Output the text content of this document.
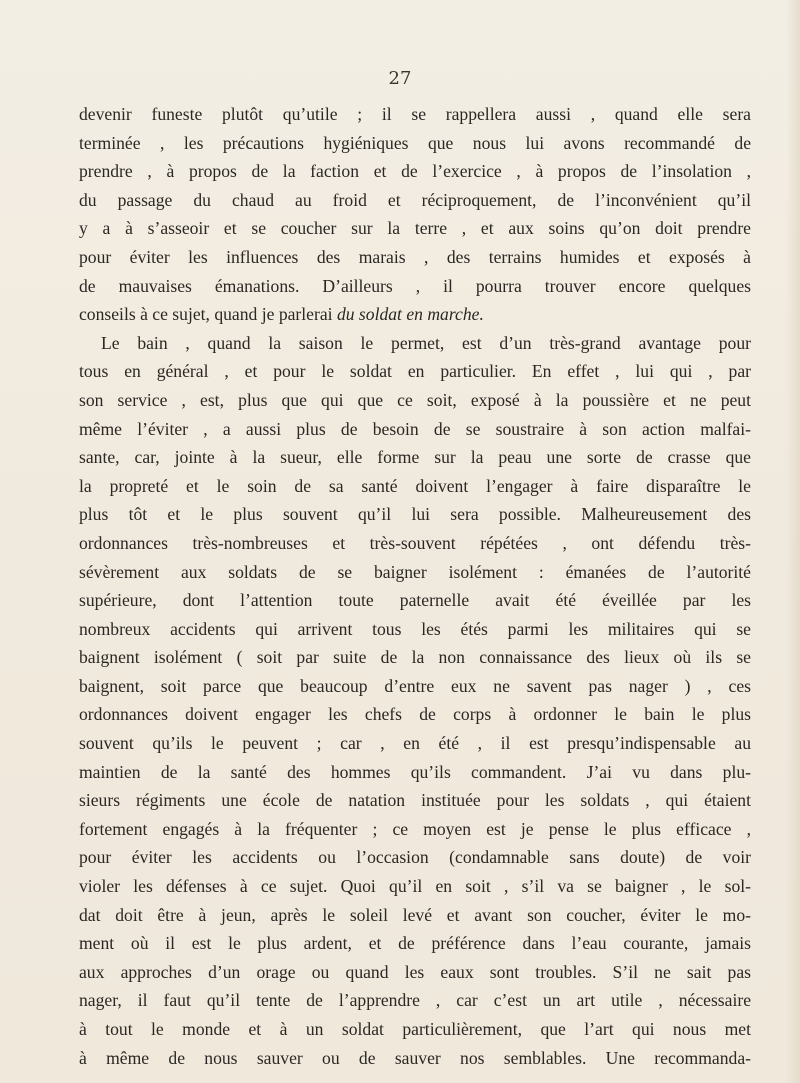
27
devenir funeste plutôt qu’utile ; il se rappellera aussi , quand elle sera
terminée , les précautions hygiéniques que nous lui avons recommandé de
prendre , à propos de la faction et de l’exercice , à propos de l’insolation ,
du passage du chaud au froid et réciproquement, de l’inconvénient qu’il
y a à s’asseoir et se coucher sur la terre , et aux soins qu’on doit prendre
pour éviter les influences des marais , des terrains humides et exposés à
de mauvaises émanations. D’ailleurs , il pourra trouver encore quelques
conseils à ce sujet, quand je parlerai du soldat en marche.
Le bain , quand la saison le permet, est d’un très-grand avantage pour
tous en général , et pour le soldat en particulier. En effet , lui qui , par
son service , est, plus que qui que ce soit, exposé à la poussière et ne peut
même l’éviter , a aussi plus de besoin de se soustraire à son action malfai-
sante, car, jointe à la sueur, elle forme sur la peau une sorte de crasse que
la propreté et le soin de sa santé doivent l’engager à faire disparaître le
plus tôt et le plus souvent qu’il lui sera possible. Malheureusement des
ordonnances très-nombreuses et très-souvent répétées , ont défendu très-
sévèrement aux soldats de se baigner isolément : émanées de l’autorité
supérieure, dont l’attention toute paternelle avait été éveillée par les
nombreux accidents qui arrivent tous les étés parmi les militaires qui se
baignent isolément ( soit par suite de la non connaissance des lieux où ils se
baignent, soit parce que beaucoup d’entre eux ne savent pas nager ) , ces
ordonnances doivent engager les chefs de corps à ordonner le bain le plus
souvent qu’ils le peuvent ; car , en été , il est presqu’indispensable au
maintien de la santé des hommes qu’ils commandent. J’ai vu dans plu-
sieurs régiments une école de natation instituée pour les soldats , qui étaient
fortement engagés à la fréquenter ; ce moyen est je pense le plus efficace ,
pour éviter les accidents ou l’occasion (condamnable sans doute) de voir
violer les défenses à ce sujet. Quoi qu’il en soit , s’il va se baigner , le sol-
dat doit être à jeun, après le soleil levé et avant son coucher, éviter le mo-
ment où il est le plus ardent, et de préférence dans l’eau courante, jamais
aux approches d’un orage ou quand les eaux sont troubles. S’il ne sait pas
nager, il faut qu’il tente de l’apprendre , car c’est un art utile , nécessaire
à tout le monde et à un soldat particulièrement, que l’art qui nous met
à même de nous sauver ou de sauver nos semblables. Une recommanda-
